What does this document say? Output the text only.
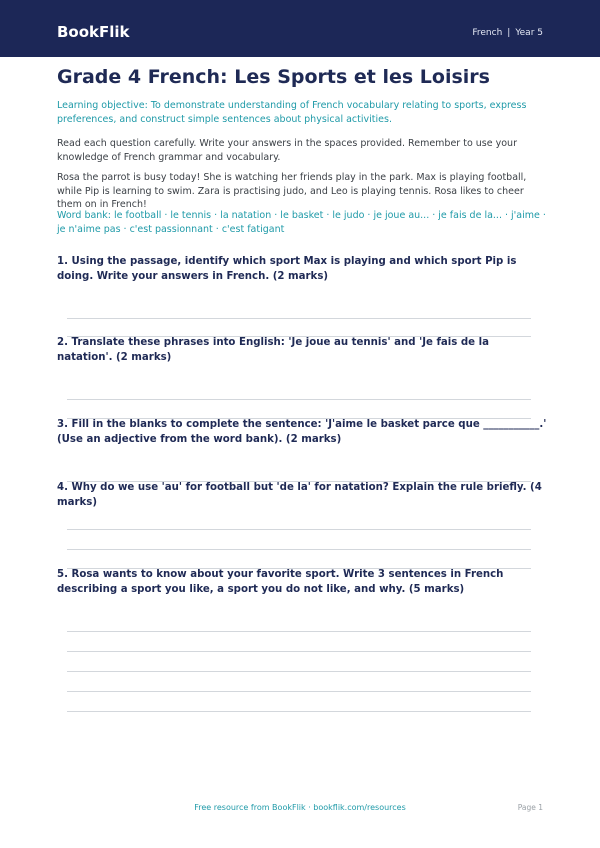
BookFlik	French | Year 5
Grade 4 French: Les Sports et les Loisirs

Learning objective: To demonstrate understanding of French vocabulary relating to sports, express preferences, and construct simple sentences about physical activities.

Read each question carefully. Write your answers in the spaces provided. Remember to use your knowledge of French grammar and vocabulary.

Rosa the parrot is busy today! She is watching her friends play in the park. Max is playing football, while Pip is learning to swim. Zara is practising judo, and Leo is playing tennis. Rosa likes to cheer them on in French!

Word bank: le football · le tennis · la natation · le basket · le judo · je joue au... · je fais de la... · j'aime · je n'aime pas · c'est passionnant · c'est fatigant

1. Using the passage, identify which sport Max is playing and which sport Pip is doing. Write your answers in French. (2 marks)
2. Translate these phrases into English: 'Je joue au tennis' and 'Je fais de la natation'. (2 marks)
3. Fill in the blanks to complete the sentence: 'J'aime le basket parce que ___________.' (Use an adjective from the word bank). (2 marks)
4. Why do we use 'au' for football but 'de la' for natation? Explain the rule briefly. (4 marks)
5. Rosa wants to know about your favorite sport. Write 3 sentences in French describing a sport you like, a sport you do not like, and why. (5 marks)
Free resource from BookFlik · bookflik.com/resources	Page 1
